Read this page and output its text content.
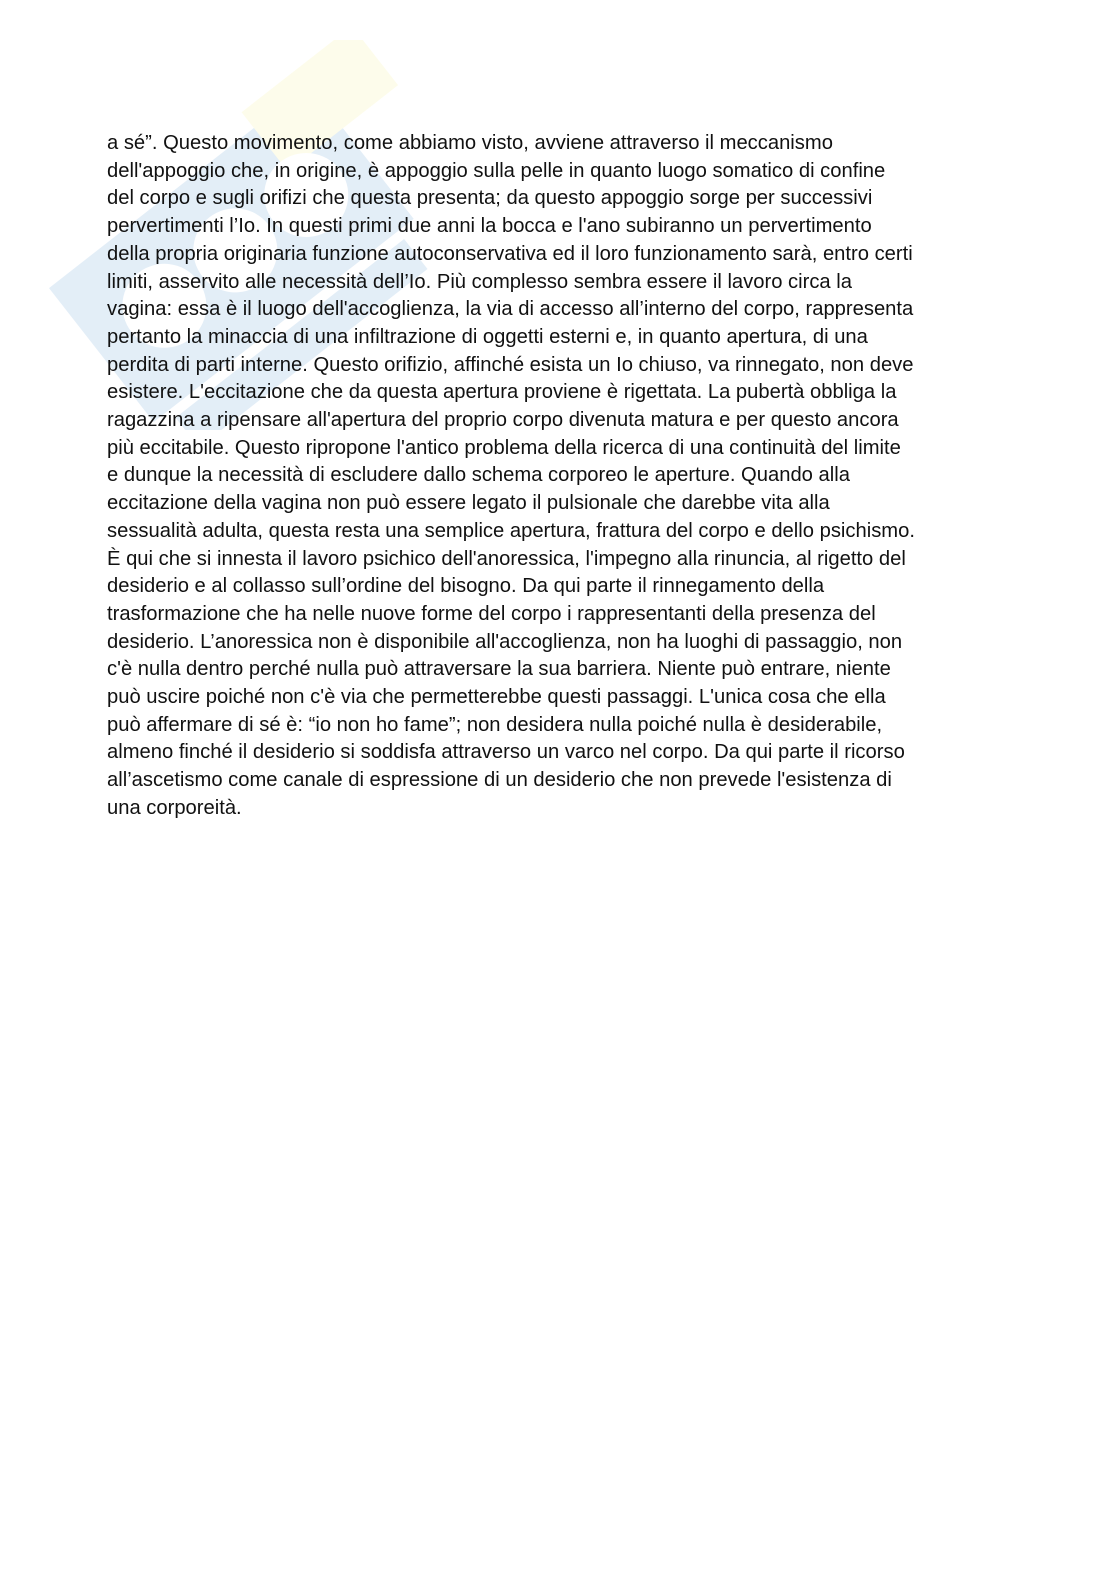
a sé”. Questo movimento, come abbiamo visto, avviene attraverso il meccanismo
dell'appoggio che, in origine, è appoggio sulla pelle in quanto luogo somatico di confine
del corpo e sugli orifizi che questa presenta; da questo appoggio sorge per successivi
pervertimenti l’Io. In questi primi due anni la bocca e l'ano subiranno un pervertimento
della propria originaria funzione autoconservativa ed il loro funzionamento sarà, entro certi
limiti, asservito alle necessità dell’Io. Più complesso sembra essere il lavoro circa la
vagina: essa è il luogo dell'accoglienza, la via di accesso all’interno del corpo, rappresenta
pertanto la minaccia di una infiltrazione di oggetti esterni e, in quanto apertura, di una
perdita di parti interne. Questo orifizio, affinché esista un Io chiuso, va rinnegato, non deve
esistere. L'eccitazione che da questa apertura proviene è rigettata. La pubertà obbliga la
ragazzina a ripensare all'apertura del proprio corpo divenuta matura e per questo ancora
più eccitabile. Questo ripropone l'antico problema della ricerca di una continuità del limite
e dunque la necessità di escludere dallo schema corporeo le aperture. Quando alla
eccitazione della vagina non può essere legato il pulsionale che darebbe vita alla
sessualità adulta, questa resta una semplice apertura, frattura del corpo e dello psichismo.
È qui che si innesta il lavoro psichico dell'anoressica, l'impegno alla rinuncia, al rigetto del
desiderio e al collasso sull’ordine del bisogno. Da qui parte il rinnegamento della
trasformazione che ha nelle nuove forme del corpo i rappresentanti della presenza del
desiderio. L’anoressica non è disponibile all'accoglienza, non ha luoghi di passaggio, non
c'è nulla dentro perché nulla può attraversare la sua barriera. Niente può entrare, niente
può uscire poiché non c'è via che permetterebbe questi passaggi. L'unica cosa che ella
può affermare di sé è: “io non ho fame”; non desidera nulla poiché nulla è desiderabile,
almeno finché il desiderio si soddisfa attraverso un varco nel corpo. Da qui parte il ricorso
all’ascetismo come canale di espressione di un desiderio che non prevede l'esistenza di
una corporeità.
